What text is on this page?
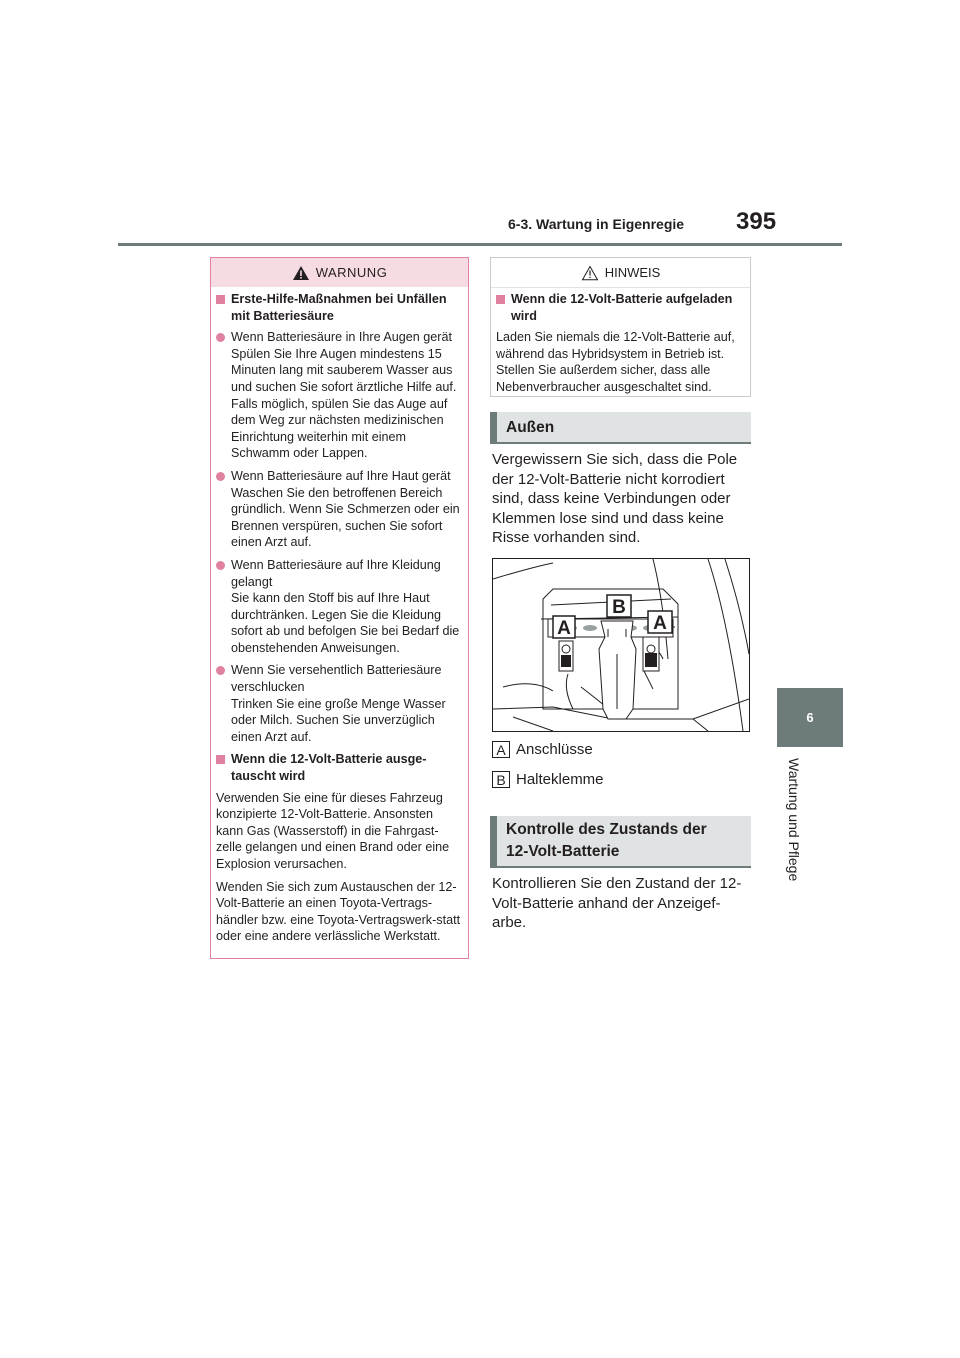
6-3. Wartung in Eigenregie 395
6
Wartung und Pflege
WARNUNG
Erste-Hilfe-Maßnahmen bei Unfällen mit Batteriesäure
Wenn Batteriesäure in Ihre Augen gerät Spülen Sie Ihre Augen mindestens 15 Minuten lang mit sauberem Wasser aus und suchen Sie sofort ärztliche Hilfe auf. Falls möglich, spülen Sie das Auge auf dem Weg zur nächsten medizinischen Einrichtung weiterhin mit einem Schwamm oder Lappen.
Wenn Batteriesäure auf Ihre Haut gerät Waschen Sie den betroffenen Bereich gründlich. Wenn Sie Schmerzen oder ein Brennen verspüren, suchen Sie sofort einen Arzt auf.
Wenn Batteriesäure auf Ihre Kleidung gelangt
Sie kann den Stoff bis auf Ihre Haut durchtränken. Legen Sie die Kleidung sofort ab und befolgen Sie bei Bedarf die obenstehenden Anweisungen.
Wenn Sie versehentlich Batteriesäure verschlucken
Trinken Sie eine große Menge Wasser oder Milch. Suchen Sie unverzüglich einen Arzt auf.
Wenn die 12-Volt-Batterie ausge-tauscht wird
Verwenden Sie eine für dieses Fahrzeug konzipierte 12-Volt-Batterie. Ansonsten kann Gas (Wasserstoff) in die Fahrgast-zelle gelangen und einen Brand oder eine Explosion verursachen.
Wenden Sie sich zum Austauschen der 12-Volt-Batterie an einen Toyota-Vertrags-händler bzw. eine Toyota-Vertragswerk-statt oder eine andere verlässliche Werkstatt.
HINWEIS
Wenn die 12-Volt-Batterie aufgeladen wird
Laden Sie niemals die 12-Volt-Batterie auf, während das Hybridsystem in Betrieb ist. Stellen Sie außerdem sicher, dass alle Nebenverbraucher ausgeschaltet sind.
Außen
Vergewissern Sie sich, dass die Pole der 12-Volt-Batterie nicht korrodiert sind, dass keine Verbindungen oder Klemmen lose sind und dass keine Risse vorhanden sind.
B
A	A
A Anschlüsse
B Halteklemme
Kontrolle des Zustands der
12-Volt-Batterie
Kontrollieren Sie den Zustand der 12-Volt-Batterie anhand der Anzeigef-arbe.
